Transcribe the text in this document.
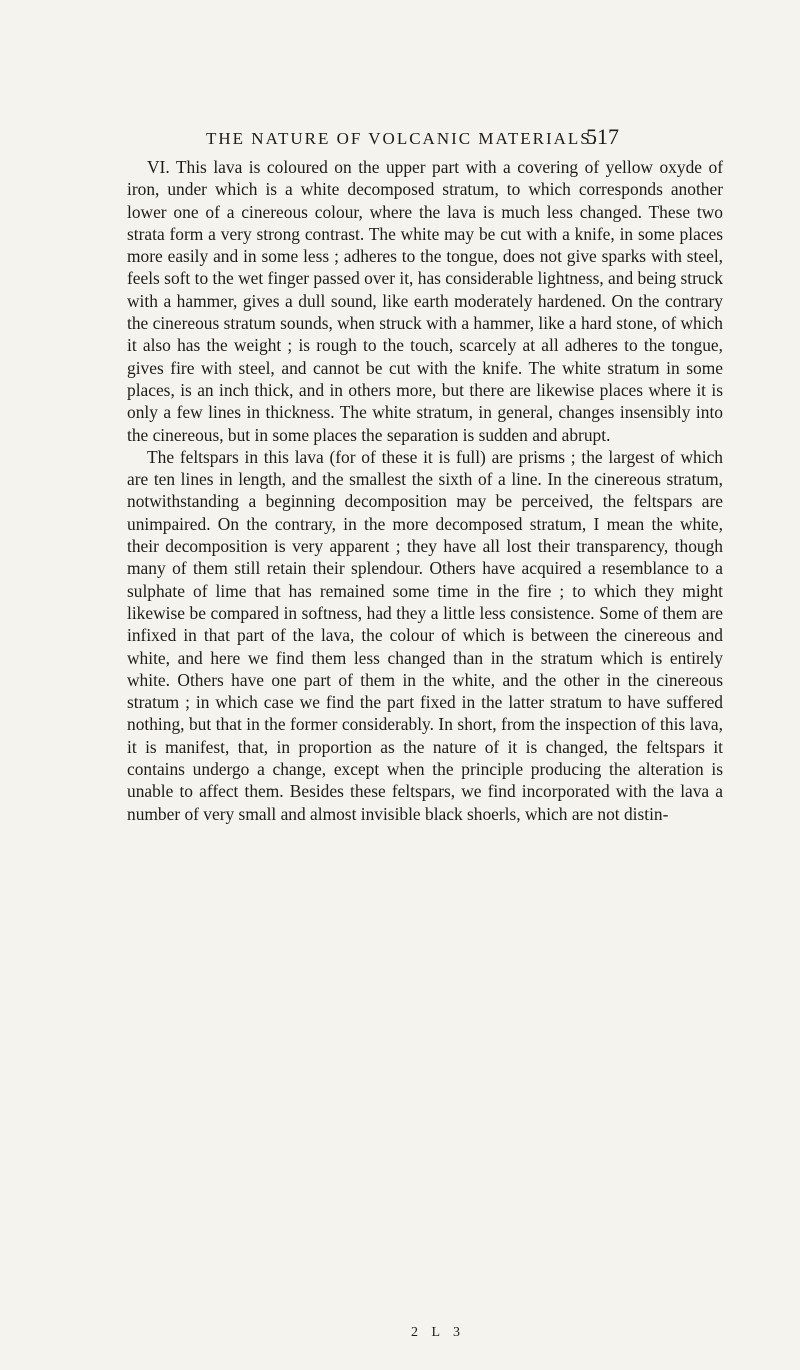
THE NATURE OF VOLCANIC MATERIALS.
517

VI. This lava is coloured on the upper part with a covering of yellow oxyde of iron, under which is a white decomposed stratum, to which corresponds another lower one of a cinereous colour, where the lava is much less changed. These two strata form a very strong contrast. The white may be cut with a knife, in some places more easily and in some less ; adheres to the tongue, does not give sparks with steel, feels soft to the wet finger passed over it, has considerable lightness, and being struck with a hammer, gives a dull sound, like earth moderately hardened. On the contrary the cinereous stratum sounds, when struck with a hammer, like a hard stone, of which it also has the weight ; is rough to the touch, scarcely at all adheres to the tongue, gives fire with steel, and cannot be cut with the knife. The white stratum in some places, is an inch thick, and in others more, but there are likewise places where it is only a few lines in thickness. The white stratum, in general, changes insensibly into the cinereous, but in some places the separation is sudden and abrupt.

The feltspars in this lava (for of these it is full) are prisms ; the largest of which are ten lines in length, and the smallest the sixth of a line. In the cinereous stratum, notwithstanding a beginning decomposition may be perceived, the feltspars are unimpaired. On the contrary, in the more decomposed stratum, I mean the white, their decomposition is very apparent ; they have all lost their transparency, though many of them still retain their splendour. Others have acquired a resemblance to a sulphate of lime that has remained some time in the fire ; to which they might likewise be compared in softness, had they a little less consistence. Some of them are infixed in that part of the lava, the colour of which is between the cinereous and white, and here we find them less changed than in the stratum which is entirely white. Others have one part of them in the white, and the other in the cinereous stratum ; in which case we find the part fixed in the latter stratum to have suffered nothing, but that in the former considerably. In short, from the inspection of this lava, it is manifest, that, in proportion as the nature of it is changed, the feltspars it contains undergo a change, except when the principle producing the alteration is unable to affect them. Besides these feltspars, we find incorporated with the lava a number of very small and almost invisible black shoerls, which are not distin-

2 L 3
